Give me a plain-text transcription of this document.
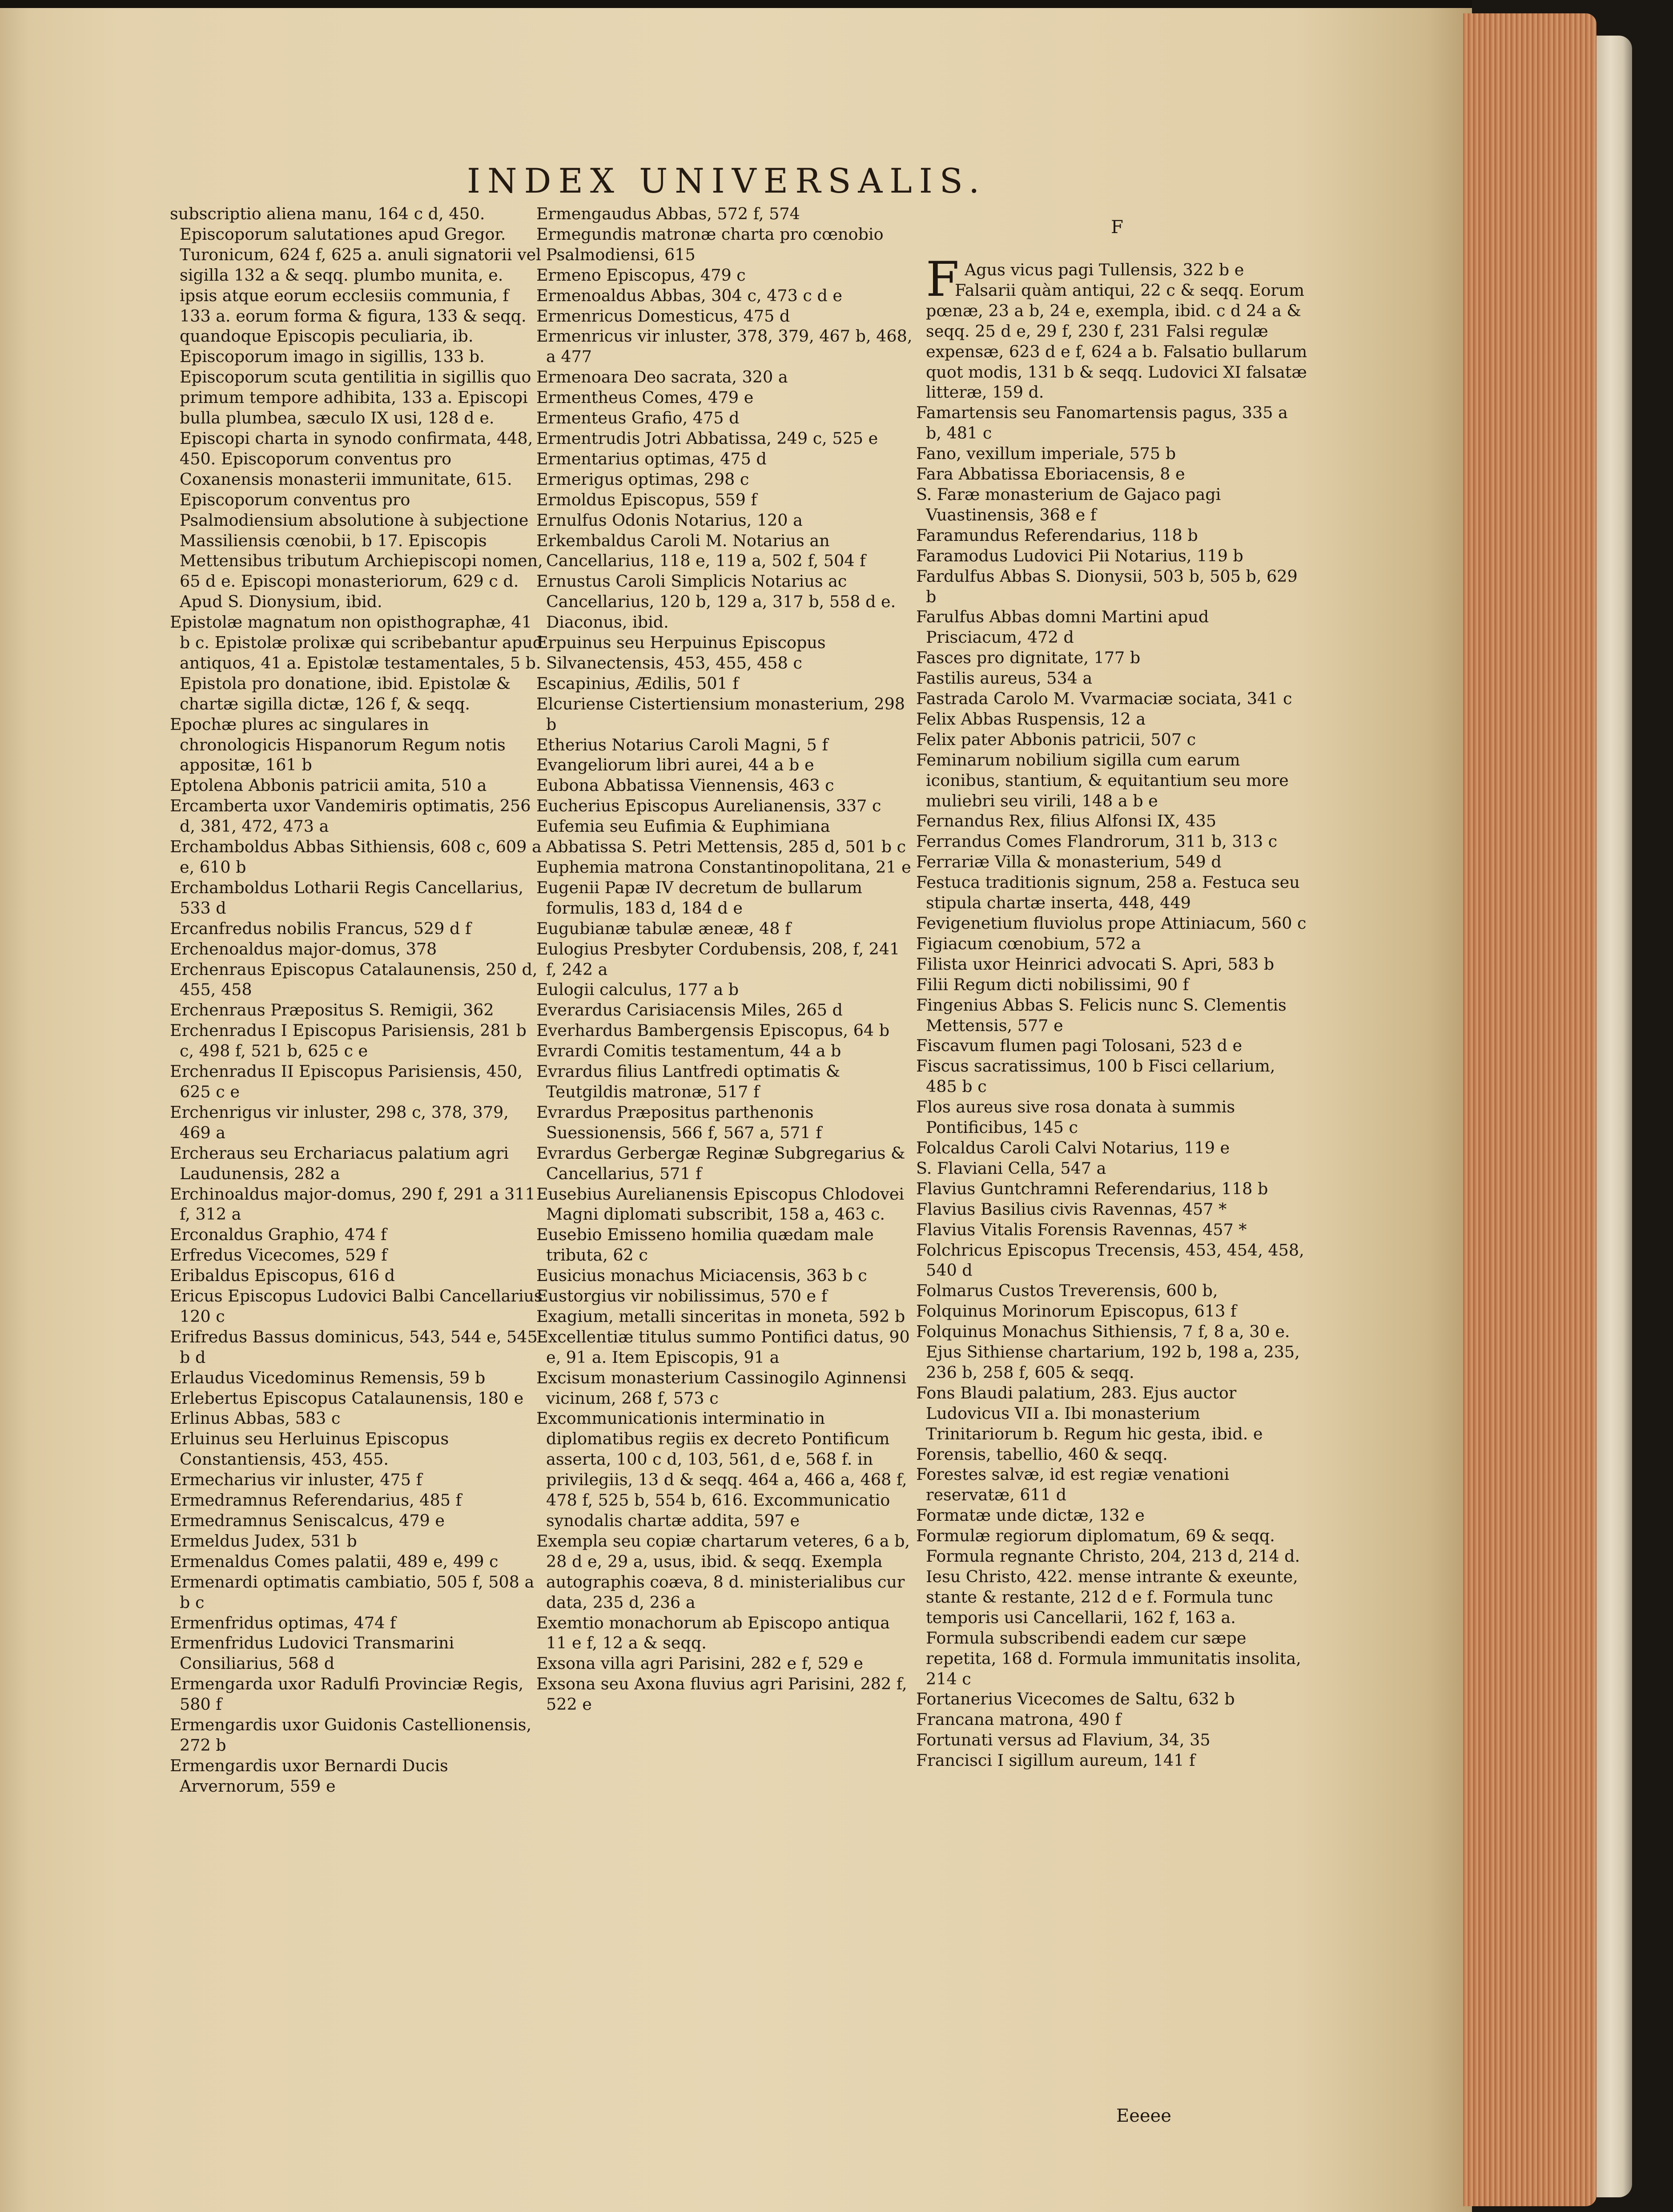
INDEX UNIVERSALIS.

subscriptio aliena manu, 164 c d, 450. Episcoporum salutationes apud Gregor. Turonicum, 624 f, 625 a. anuli signatorii vel sigilla 132 a & seqq. plumbo munita, e. ipsis atque eorum ecclesiis communia, f 133 a. eorum forma & figura, 133 & seqq. quandoque Episcopis peculiaria, ib. Episcoporum imago in sigillis, 133 b. Episcoporum scuta gentilitia in sigillis quo primum tempore adhibita, 133 a. Episcopi bulla plumbea, sæculo IX usi, 128 d e. Episcopi charta in synodo confirmata, 448, 450. Episcoporum conventus pro Coxanensis monasterii immunitate, 615. Episcoporum conventus pro Psalmodiensium absolutione à subjectione Massiliensis cœnobii, b 17. Episcopis Mettensibus tributum Archiepiscopi nomen, 65 d e. Episcopi monasteriorum, 629 c d. Apud S. Dionysium, ibid.

Epistolæ magnatum non opisthographæ, 41 b c. Epistolæ prolixæ qui scribebantur apud antiquos, 41 a. Epistolæ testamentales, 5 b. Epistola pro donatione, ibid. Epistolæ & chartæ sigilla dictæ, 126 f, & seqq.

Epochæ plures ac singulares in chronologicis Hispanorum Regum notis appositæ, 161 b

Eptolena Abbonis patricii amita, 510 a

Ercamberta uxor Vandemiris optimatis, 256 d, 381, 472, 473 a

Erchamboldus Abbas Sithiensis, 608 c, 609 a e, 610 b

Erchamboldus Lotharii Regis Cancellarius, 533 d

Ercanfredus nobilis Francus, 529 d f

Erchenoaldus major-domus, 378

Erchenraus Episcopus Catalaunensis, 250 d, 455, 458

Erchenraus Præpositus S. Remigii, 362

Erchenradus I Episcopus Parisiensis, 281 b c, 498 f, 521 b, 625 c e

Erchenradus II Episcopus Parisiensis, 450, 625 c e

Erchenrigus vir inluster, 298 c, 378, 379, 469 a

Ercheraus seu Erchariacus palatium agri Laudunensis, 282 a

Erchinoaldus major-domus, 290 f, 291 a 311 f, 312 a

Erconaldus Graphio, 474 f

Erfredus Vicecomes, 529 f

Eribaldus Episcopus, 616 d

Ericus Episcopus Ludovici Balbi Cancellarius 120 c

Erifredus Bassus dominicus, 543, 544 e, 545 b d

Erlaudus Vicedominus Remensis, 59 b

Erlebertus Episcopus Catalaunensis, 180 e

Erlinus Abbas, 583 c

Erluinus seu Herluinus Episcopus Constantiensis, 453, 455.

Ermecharius vir inluster, 475 f

Ermedramnus Referendarius, 485 f

Ermedramnus Seniscalcus, 479 e

Ermeldus Judex, 531 b

Ermenaldus Comes palatii, 489 e, 499 c

Ermenardi optimatis cambiatio, 505 f, 508 a b c

Ermenfridus optimas, 474 f

Ermenfridus Ludovici Transmarini Consiliarius, 568 d

Ermengarda uxor Radulfi Provinciæ Regis, 580 f

Ermengardis uxor Guidonis Castellionensis, 272 b

Ermengardis uxor Bernardi Ducis Arvernorum, 559 e

Ermengaudus Abbas, 572 f, 574

Ermegundis matronæ charta pro cœnobio Psalmodiensi, 615

Ermeno Episcopus, 479 c

Ermenoaldus Abbas, 304 c, 473 c d e

Ermenricus Domesticus, 475 d

Ermenricus vir inluster, 378, 379, 467 b, 468, a 477

Ermenoara Deo sacrata, 320 a

Ermentheus Comes, 479 e

Ermenteus Grafio, 475 d

Ermentrudis Jotri Abbatissa, 249 c, 525 e

Ermentarius optimas, 475 d

Ermerigus optimas, 298 c

Ermoldus Episcopus, 559 f

Ernulfus Odonis Notarius, 120 a

Erkembaldus Caroli M. Notarius an Cancellarius, 118 e, 119 a, 502 f, 504 f

Ernustus Caroli Simplicis Notarius ac Cancellarius, 120 b, 129 a, 317 b, 558 d e. Diaconus, ibid.

Erpuinus seu Herpuinus Episcopus Silvanectensis, 453, 455, 458 c

Escapinius, Ædilis, 501 f

Elcuriense Cistertiensium monasterium, 298 b

Etherius Notarius Caroli Magni, 5 f

Evangeliorum libri aurei, 44 a b e

Eubona Abbatissa Viennensis, 463 c

Eucherius Episcopus Aurelianensis, 337 c

Eufemia seu Eufimia & Euphimiana Abbatissa S. Petri Mettensis, 285 d, 501 b c

Euphemia matrona Constantinopolitana, 21 e

Eugenii Papæ IV decretum de bullarum formulis, 183 d, 184 d e

Eugubianæ tabulæ æneæ, 48 f

Eulogius Presbyter Cordubensis, 208, f, 241 f, 242 a

Eulogii calculus, 177 a b

Everardus Carisiacensis Miles, 265 d

Everhardus Bambergensis Episcopus, 64 b

Evrardi Comitis testamentum, 44 a b

Evrardus filius Lantfredi optimatis & Teutgildis matronæ, 517 f

Evrardus Præpositus parthenonis Suessionensis, 566 f, 567 a, 571 f

Evrardus Gerbergæ Reginæ Subgregarius & Cancellarius, 571 f

Eusebius Aurelianensis Episcopus Chlodovei Magni diplomati subscribit, 158 a, 463 c.

Eusebio Emisseno homilia quædam male tributa, 62 c

Eusicius monachus Miciacensis, 363 b c

Eustorgius vir nobilissimus, 570 e f

Exagium, metalli sinceritas in moneta, 592 b

Excellentiæ titulus summo Pontifici datus, 90 e, 91 a. Item Episcopis, 91 a

Excisum monasterium Cassinogilo Aginnensi vicinum, 268 f, 573 c

Excommunicationis interminatio in diplomatibus regiis ex decreto Pontificum asserta, 100 c d, 103, 561, d e, 568 f. in privilegiis, 13 d & seqq. 464 a, 466 a, 468 f, 478 f, 525 b, 554 b, 616. Excommunicatio synodalis chartæ addita, 597 e

Exempla seu copiæ chartarum veteres, 6 a b, 28 d e, 29 a, usus, ibid. & seqq. Exempla autographis coæva, 8 d. ministerialibus cur data, 235 d, 236 a

Exemtio monachorum ab Episcopo antiqua 11 e f, 12 a & seqq.

Exsona villa agri Parisini, 282 e f, 529 e

Exsona seu Axona fluvius agri Parisini, 282 f, 522 e

F

F Agus vicus pagi Tullensis, 322 b e

Falsarii quàm antiqui, 22 c & seqq. Eorum pœnæ, 23 a b, 24 e, exempla, ibid. c d 24 a & seqq. 25 d e, 29 f, 230 f, 231 Falsi regulæ expensæ, 623 d e f, 624 a b. Falsatio bullarum quot modis, 131 b & seqq. Ludovici XI falsatæ litteræ, 159 d.

Famartensis seu Fanomartensis pagus, 335 a b, 481 c

Fano, vexillum imperiale, 575 b

Fara Abbatissa Eboriacensis, 8 e

S. Faræ monasterium de Gajaco pagi Vuastinensis, 368 e f

Faramundus Referendarius, 118 b

Faramodus Ludovici Pii Notarius, 119 b

Fardulfus Abbas S. Dionysii, 503 b, 505 b, 629 b

Farulfus Abbas domni Martini apud Prisciacum, 472 d

Fasces pro dignitate, 177 b

Fastilis aureus, 534 a

Fastrada Carolo M. Vvarmaciæ sociata, 341 c

Felix Abbas Ruspensis, 12 a

Felix pater Abbonis patricii, 507 c

Feminarum nobilium sigilla cum earum iconibus, stantium, & equitantium seu more muliebri seu virili, 148 a b e

Fernandus Rex, filius Alfonsi IX, 435

Ferrandus Comes Flandrorum, 311 b, 313 c

Ferrariæ Villa & monasterium, 549 d

Festuca traditionis signum, 258 a. Festuca seu stipula chartæ inserta, 448, 449

Fevigenetium fluviolus prope Attiniacum, 560 c

Figiacum cœnobium, 572 a

Filista uxor Heinrici advocati S. Apri, 583 b

Filii Regum dicti nobilissimi, 90 f

Fingenius Abbas S. Felicis nunc S. Clementis Mettensis, 577 e

Fiscavum flumen pagi Tolosani, 523 d e

Fiscus sacratissimus, 100 b Fisci cellarium, 485 b c

Flos aureus sive rosa donata à summis Pontificibus, 145 c

Folcaldus Caroli Calvi Notarius, 119 e

S. Flaviani Cella, 547 a

Flavius Guntchramni Referendarius, 118 b

Flavius Basilius civis Ravennas, 457 *

Flavius Vitalis Forensis Ravennas, 457 *

Folchricus Episcopus Trecensis, 453, 454, 458, 540 d

Folmarus Custos Treverensis, 600 b,

Folquinus Morinorum Episcopus, 613 f

Folquinus Monachus Sithiensis, 7 f, 8 a, 30 e. Ejus Sithiense chartarium, 192 b, 198 a, 235, 236 b, 258 f, 605 & seqq.

Fons Blaudi palatium, 283. Ejus auctor Ludovicus VII a. Ibi monasterium Trinitariorum b. Regum hic gesta, ibid. e

Forensis, tabellio, 460 & seqq.

Forestes salvæ, id est regiæ venationi reservatæ, 611 d

Formatæ unde dictæ, 132 e

Formulæ regiorum diplomatum, 69 & seqq. Formula regnante Christo, 204, 213 d, 214 d. Iesu Christo, 422. mense intrante & exeunte, stante & restante, 212 d e f. Formula tunc temporis usi Cancellarii, 162 f, 163 a. Formula subscribendi eadem cur sæpe repetita, 168 d. Formula immunitatis insolita, 214 c

Fortanerius Vicecomes de Saltu, 632 b

Francana matrona, 490 f

Fortunati versus ad Flavium, 34, 35

Francisci I sigillum aureum, 141 f

Eeeee
